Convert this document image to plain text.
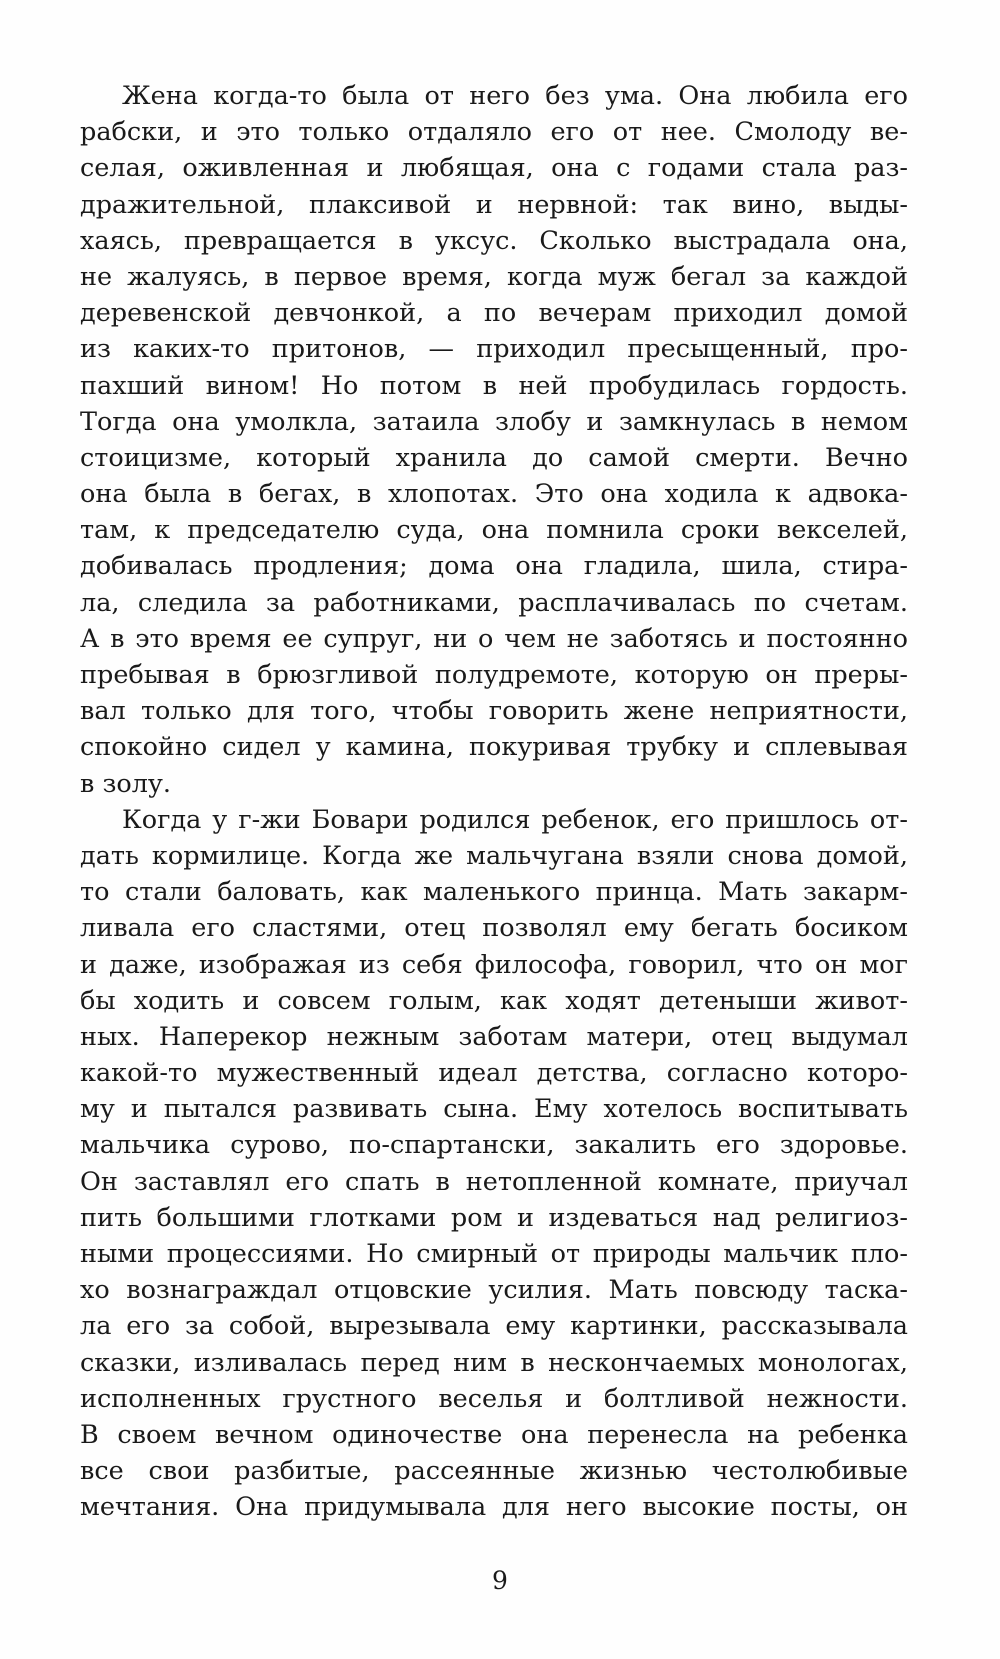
Жена когда-то была от него без ума. Она любила его
рабски, и это только отдаляло его от нее. Смолоду ве-
селая, оживленная и любящая, она с годами стала раз-
дражительной, плаксивой и нервной: так вино, выды-
хаясь, превращается в уксус. Сколько выстрадала она,
не жалуясь, в первое время, когда муж бегал за каждой
деревенской девчонкой, а по вечерам приходил домой
из каких-то притонов, — приходил пресыщенный, про-
пахший вином! Но потом в ней пробудилась гордость.
Тогда она умолкла, затаила злобу и замкнулась в немом
стоицизме, который хранила до самой смерти. Вечно
она была в бегах, в хлопотах. Это она ходила к адвока-
там, к председателю суда, она помнила сроки векселей,
добивалась продления; дома она гладила, шила, стира-
ла, следила за работниками, расплачивалась по счетам.
А в это время ее супруг, ни о чем не заботясь и постоянно
пребывая в брюзгливой полудремоте, которую он преры-
вал только для того, чтобы говорить жене неприятности,
спокойно сидел у камина, покуривая трубку и сплевывая
в золу.
Когда у г-жи Бовари родился ребенок, его пришлось от-
дать кормилице. Когда же мальчугана взяли снова домой,
то стали баловать, как маленького принца. Мать закарм-
ливала его сластями, отец позволял ему бегать босиком
и даже, изображая из себя философа, говорил, что он мог
бы ходить и совсем голым, как ходят детеныши живот-
ных. Наперекор нежным заботам матери, отец выдумал
какой-то мужественный идеал детства, согласно которо-
му и пытался развивать сына. Ему хотелось воспитывать
мальчика сурово, по-спартански, закалить его здоровье.
Он заставлял его спать в нетопленной комнате, приучал
пить большими глотками ром и издеваться над религиоз-
ными процессиями. Но смирный от природы мальчик пло-
хо вознаграждал отцовские усилия. Мать повсюду таска-
ла его за собой, вырезывала ему картинки, рассказывала
сказки, изливалась перед ним в нескончаемых монологах,
исполненных грустного веселья и болтливой нежности.
В своем вечном одиночестве она перенесла на ребенка
все свои разбитые, рассеянные жизнью честолюбивые
мечтания. Она придумывала для него высокие посты, он
9
